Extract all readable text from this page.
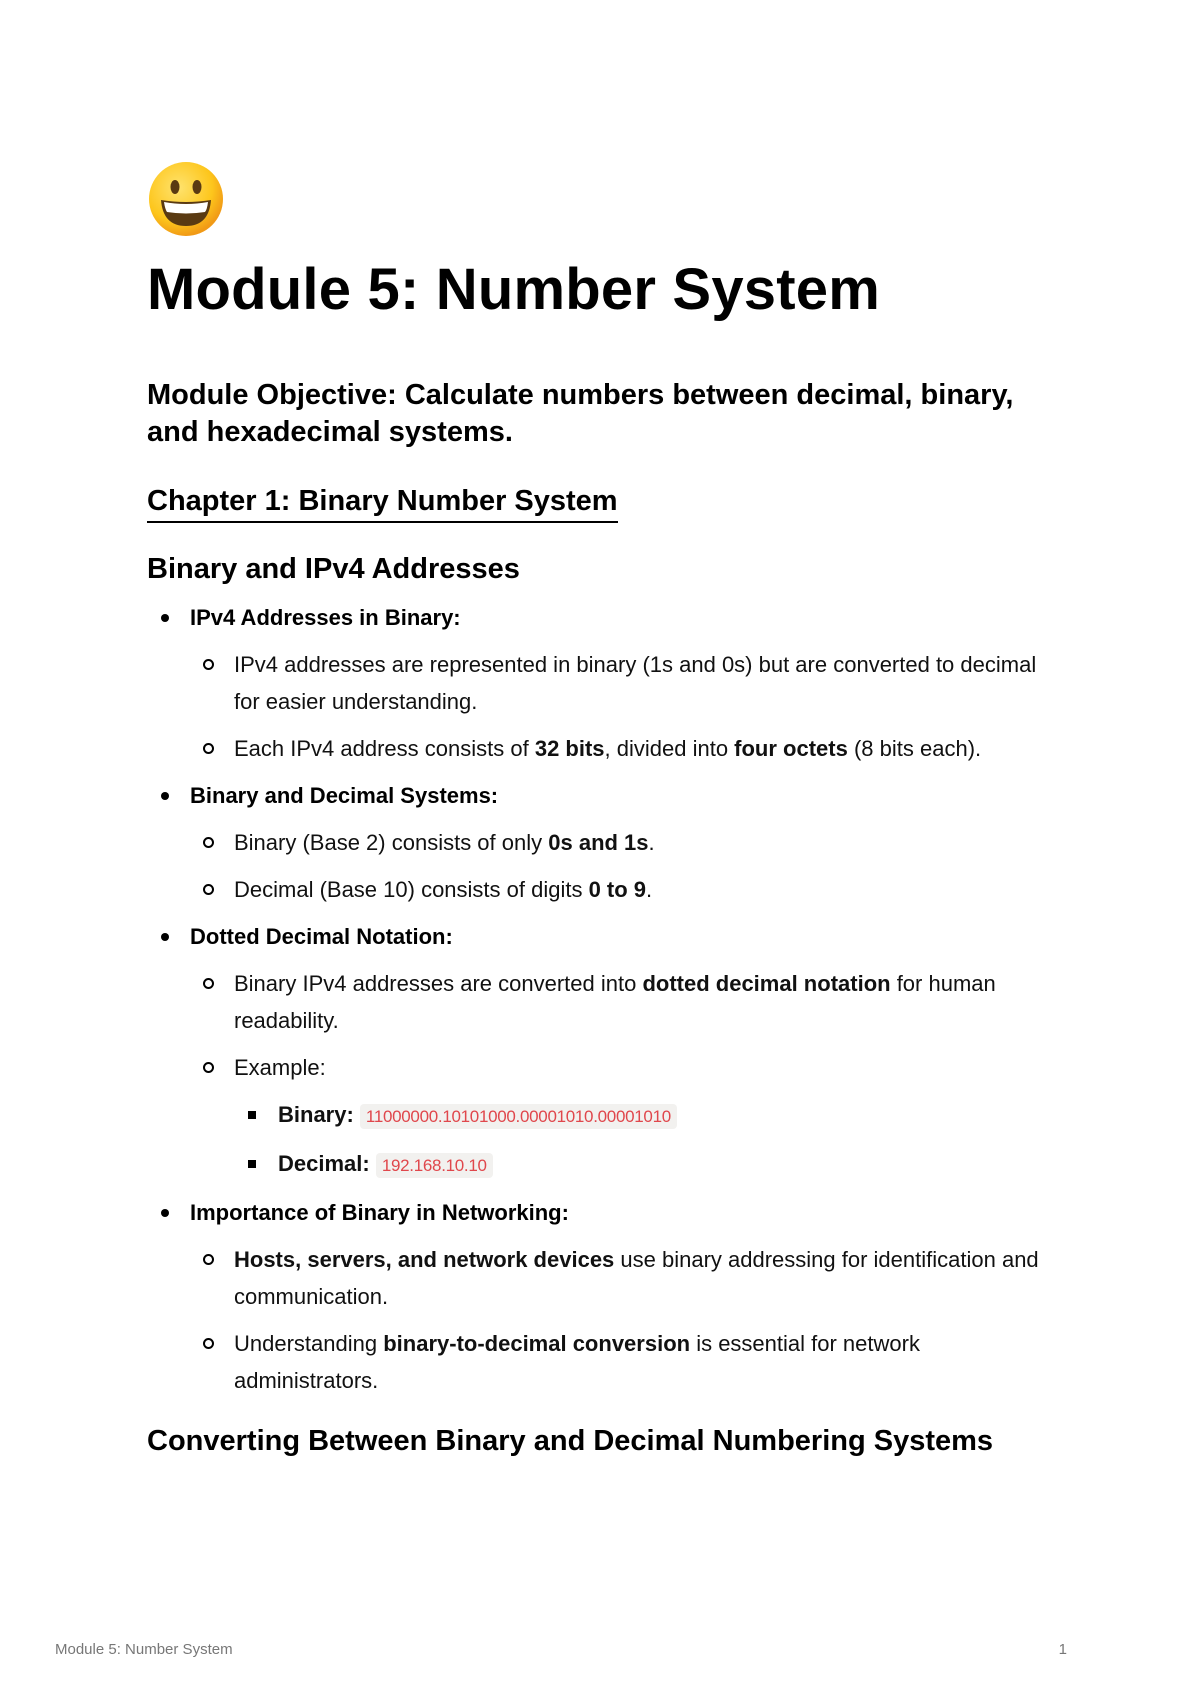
Module 5: Number System

Module Objective: Calculate numbers between decimal, binary, and hexadecimal systems.

Chapter 1: Binary Number System
Binary and IPv4 Addresses
IPv4 Addresses in Binary:
IPv4 addresses are represented in binary (1s and 0s) but are converted to decimal for easier understanding.
Each IPv4 address consists of 32 bits, divided into four octets (8 bits each).
Binary and Decimal Systems:
Binary (Base 2) consists of only 0s and 1s.
Decimal (Base 10) consists of digits 0 to 9.
Dotted Decimal Notation:
Binary IPv4 addresses are converted into dotted decimal notation for human readability.
Example:
Binary: 11000000.10101000.00001010.00001010
Decimal: 192.168.10.10
Importance of Binary in Networking:
Hosts, servers, and network devices use binary addressing for identification and communication.
Understanding binary-to-decimal conversion is essential for network administrators.
Converting Between Binary and Decimal Numbering Systems
Module 5: Number System	1
